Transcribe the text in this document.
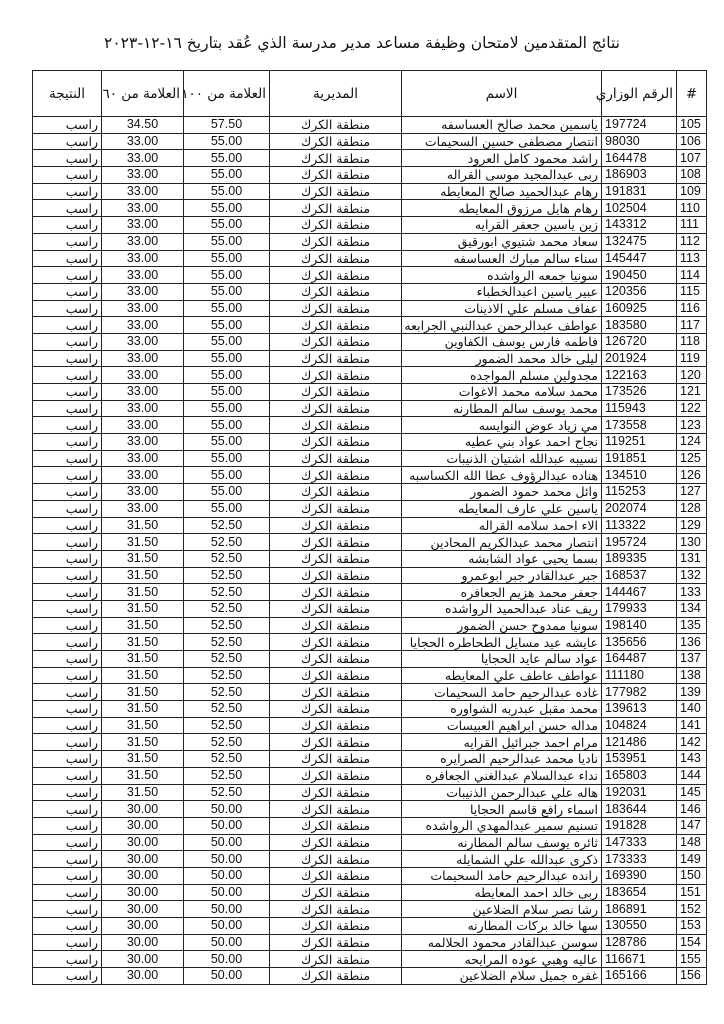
نتائج المتقدمين لامتحان وظيفة مساعد مدير مدرسة الذي عُقد بتاريخ ١٦-١٢-٢٠٢٣
#	الرقم الوزاري	الاسم	المديرية	العلامة من ١٠٠	العلامة من ٦٠	النتيجة
105	197724	ياسمين محمد صالح العساسفه	منطقة الكرك	57.50	34.50	راسب
106	98030	انتصار مصطفى حسين السحيمات	منطقة الكرك	55.00	33.00	راسب
107	164478	راشد محمود كامل العرود	منطقة الكرك	55.00	33.00	راسب
108	186903	ربى عبدالمجيد موسى القراله	منطقة الكرك	55.00	33.00	راسب
109	191831	رهام عبدالحميد صالح المعايطه	منطقة الكرك	55.00	33.00	راسب
110	102504	رهام هايل مرزوق المعايطه	منطقة الكرك	55.00	33.00	راسب
111	143312	زين ياسين جعفر القرايه	منطقة الكرك	55.00	33.00	راسب
112	132475	سعاد محمد شتيوي ابورقيق	منطقة الكرك	55.00	33.00	راسب
113	145447	سناء سالم مبارك العساسفه	منطقة الكرك	55.00	33.00	راسب
114	190450	سونيا جمعه الرواشده	منطقة الكرك	55.00	33.00	راسب
115	120356	عبير ياسين اعبدالخطباء	منطقة الكرك	55.00	33.00	راسب
116	160925	عفاف مسلم علي الاذينات	منطقة الكرك	55.00	33.00	راسب
117	183580	عواطف عبدالرحمن عبدالنبي الجرابعه	منطقة الكرك	55.00	33.00	راسب
118	126720	فاطمه فارس يوسف الكفاوين	منطقة الكرك	55.00	33.00	راسب
119	201924	ليلى خالد محمد الضمور	منطقة الكرك	55.00	33.00	راسب
120	122163	مجدولين مسلم المواجده	منطقة الكرك	55.00	33.00	راسب
121	173526	محمد سلامه محمد الاغوات	منطقة الكرك	55.00	33.00	راسب
122	115943	محمد يوسف سالم المطارنه	منطقة الكرك	55.00	33.00	راسب
123	173558	مي زياد عوض النوايسه	منطقة الكرك	55.00	33.00	راسب
124	119251	نجاح احمد عواد بني عطيه	منطقة الكرك	55.00	33.00	راسب
125	191851	نسيبه عبدالله اشتيان الذنيبات	منطقة الكرك	55.00	33.00	راسب
126	134510	هناده عبدالرؤوف عطا الله الكساسبه	منطقة الكرك	55.00	33.00	راسب
127	115253	وائل محمد حمود الضمور	منطقة الكرك	55.00	33.00	راسب
128	202074	ياسين علي عارف المعايطه	منطقة الكرك	55.00	33.00	راسب
129	113322	الاء احمد سلامه القراله	منطقة الكرك	52.50	31.50	راسب
130	195724	انتصار محمد عبدالكريم المحادين	منطقة الكرك	52.50	31.50	راسب
131	189335	بسما يحيى عواد الشابشه	منطقة الكرك	52.50	31.50	راسب
132	168537	جبر عبدالقادر جبر ابوعمرو	منطقة الكرك	52.50	31.50	راسب
133	144467	جعفر محمد هزيم الجعافره	منطقة الكرك	52.50	31.50	راسب
134	179933	ريف عناد عبدالحميد الرواشده	منطقة الكرك	52.50	31.50	راسب
135	198140	سونيا ممدوح حسن الضمور	منطقة الكرك	52.50	31.50	راسب
136	135656	عايشه عيد مسايل الطحاطره الحجايا	منطقة الكرك	52.50	31.50	راسب
137	164487	عواد سالم عايد الحجايا	منطقة الكرك	52.50	31.50	راسب
138	111180	عواطف عاطف علي المعايطه	منطقة الكرك	52.50	31.50	راسب
139	177982	غاده عبدالرحيم حامد السحيمات	منطقة الكرك	52.50	31.50	راسب
140	139613	محمد مقبل عبدربه الشواوره	منطقة الكرك	52.50	31.50	راسب
141	104824	مداله حسن ابراهيم العبيسات	منطقة الكرك	52.50	31.50	راسب
142	121486	مرام احمد جبرائيل القرايه	منطقة الكرك	52.50	31.50	راسب
143	153951	ناديا محمد عبدالرحيم الصرايره	منطقة الكرك	52.50	31.50	راسب
144	165803	نداء عبدالسلام عبدالغني الجعافره	منطقة الكرك	52.50	31.50	راسب
145	192031	هاله علي عبدالرحمن الذنيبات	منطقة الكرك	52.50	31.50	راسب
146	183644	اسماء رافع قاسم الحجايا	منطقة الكرك	50.00	30.00	راسب
147	191828	تسنيم سمير عبدالمهدي الرواشده	منطقة الكرك	50.00	30.00	راسب
148	147333	ثائره يوسف سالم المطارنه	منطقة الكرك	50.00	30.00	راسب
149	173333	ذكرى عبدالله علي الشمايله	منطقة الكرك	50.00	30.00	راسب
150	169390	رانده عبدالرحيم حامد السحيمات	منطقة الكرك	50.00	30.00	راسب
151	183654	ربى خالد احمد المعايطه	منطقة الكرك	50.00	30.00	راسب
152	186891	رشا نصر سلام الضلاعين	منطقة الكرك	50.00	30.00	راسب
153	130550	سها خالد بركات المطارنه	منطقة الكرك	50.00	30.00	راسب
154	128786	سوسن عبدالقادر محمود الحلالمه	منطقة الكرك	50.00	30.00	راسب
155	116671	عاليه وهبي عوده المرايحه	منطقة الكرك	50.00	30.00	راسب
156	165166	غفره جميل سلام الضلاعين	منطقة الكرك	50.00	30.00	راسب
